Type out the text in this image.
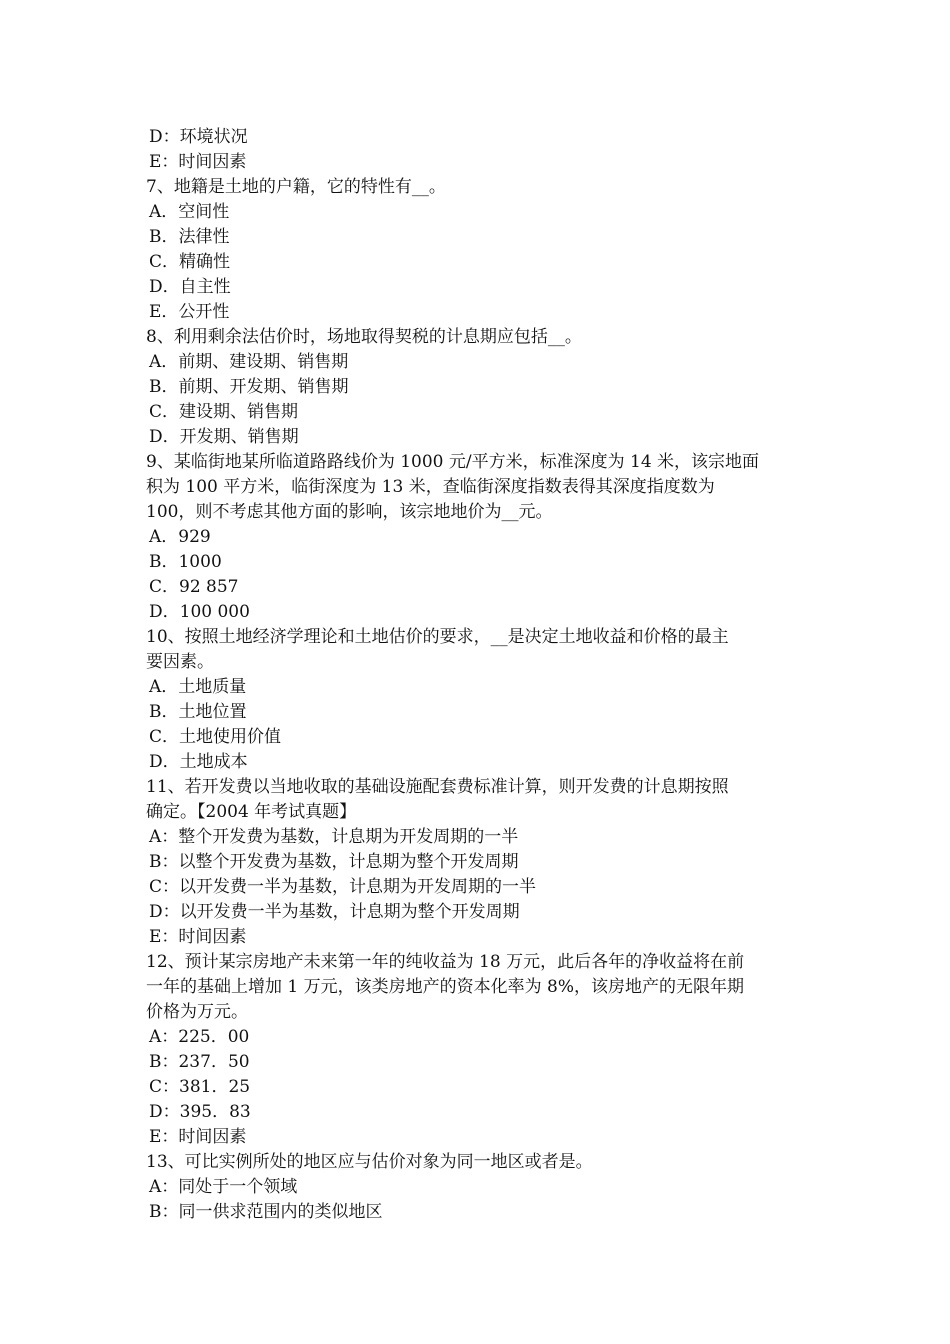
D：环境状况

E：时间因素

7、地籍是土地的户籍，它的特性有__。

A．空间性

B．法律性

C．精确性

D．自主性

E．公开性

8、利用剩余法估价时，场地取得契税的计息期应包括__。

A．前期、建设期、销售期

B．前期、开发期、销售期

C．建设期、销售期

D．开发期、销售期

9、某临街地某所临道路路线价为 1000 元/平方米，标准深度为 14 米，该宗地面

积为 100 平方米，临街深度为 13 米，查临街深度指数表得其深度指度数为

100，则不考虑其他方面的影响，该宗地地价为__元。

A．929

B．1000

C．92 857

D．100 000

10、按照土地经济学理论和土地估价的要求，__是决定土地收益和价格的最主

要因素。

A．土地质量

B．土地位置

C．土地使用价值

D．土地成本

11、若开发费以当地收取的基础设施配套费标准计算，则开发费的计息期按照

确定。【2004 年考试真题】

A：整个开发费为基数，计息期为开发周期的一半

B：以整个开发费为基数，计息期为整个开发周期

C：以开发费一半为基数，计息期为开发周期的一半

D：以开发费一半为基数，计息期为整个开发周期

E：时间因素

12、预计某宗房地产未来第一年的纯收益为 18 万元，此后各年的净收益将在前

一年的基础上增加 1 万元，该类房地产的资本化率为 8%，该房地产的无限年期

价格为万元。

A：225．00

B：237．50

C：381．25

D：395．83

E：时间因素

13、可比实例所处的地区应与估价对象为同一地区或者是。

A：同处于一个领域

B：同一供求范围内的类似地区
